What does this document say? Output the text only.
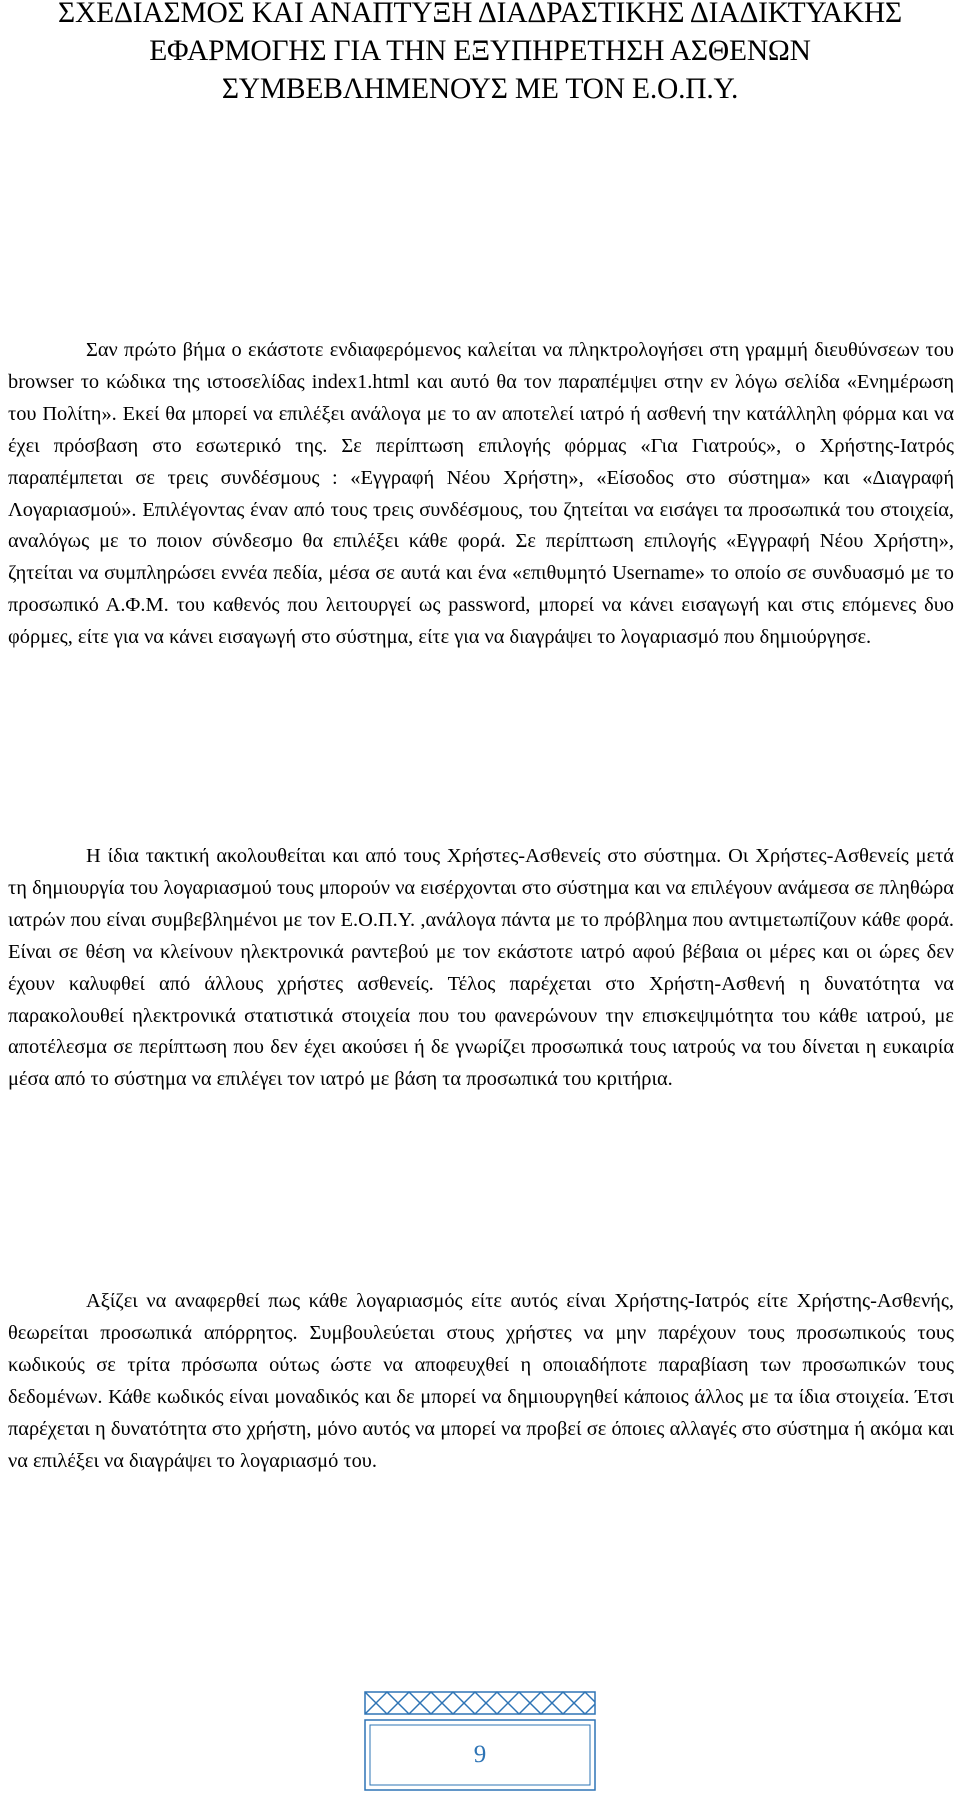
ΣΧΕΔΙΑΣΜΟΣ ΚΑΙ ΑΝΑΠΤΥΞΗ ΔΙΑΔΡΑΣΤΙΚΗΣ ΔΙΑΔΙΚΤΥΑΚΗΣ
ΕΦΑΡΜΟΓΗΣ ΓΙΑ ΤΗΝ ΕΞΥΠΗΡΕΤΗΣΗ ΑΣΘΕΝΩΝ
ΣΥΜΒΕΒΛΗΜΕΝΟΥΣ ΜΕ ΤΟΝ Ε.Ο.Π.Υ.

Σαν πρώτο βήμα ο εκάστοτε ενδιαφερόμενος καλείται να πληκτρολογήσει στη γραμμή διευθύνσεων του browser το κώδικα της ιστοσελίδας index1.html και αυτό θα τον παραπέμψει στην εν λόγω σελίδα «Ενημέρωση του Πολίτη». Εκεί θα μπορεί να επιλέξει ανάλογα με το αν αποτελεί ιατρό ή ασθενή την κατάλληλη φόρμα και να έχει πρόσβαση στο εσωτερικό της. Σε περίπτωση επιλογής φόρμας «Για Γιατρούς», ο Χρήστης-Ιατρός παραπέμπεται σε τρεις συνδέσμους : «Εγγραφή Νέου Χρήστη», «Είσοδος στο σύστημα» και «Διαγραφή Λογαριασμού». Επιλέγοντας έναν από τους τρεις συνδέσμους, του ζητείται να εισάγει τα προσωπικά του στοιχεία, αναλόγως με το ποιον σύνδεσμο θα επιλέξει κάθε φορά. Σε περίπτωση επιλογής «Εγγραφή Νέου Χρήστη», ζητείται να συμπληρώσει εννέα πεδία, μέσα σε αυτά και ένα «επιθυμητό Username» το οποίο σε συνδυασμό με το προσωπικό Α.Φ.Μ. του καθενός που λειτουργεί ως password, μπορεί να κάνει εισαγωγή και στις επόμενες δυο φόρμες, είτε για να κάνει εισαγωγή στο σύστημα, είτε για να διαγράψει το λογαριασμό που δημιούργησε.

Η ίδια τακτική ακολουθείται και από τους Χρήστες-Ασθενείς στο σύστημα. Οι Χρήστες-Ασθενείς μετά τη δημιουργία του λογαριασμού τους μπορούν να εισέρχονται στο σύστημα και να επιλέγουν ανάμεσα σε πληθώρα ιατρών που είναι συμβεβλημένοι με τον Ε.Ο.Π.Υ. ,ανάλογα πάντα με το πρόβλημα που αντιμετωπίζουν κάθε φορά. Είναι σε θέση να κλείνουν ηλεκτρονικά ραντεβού με τον εκάστοτε ιατρό αφού βέβαια οι μέρες και οι ώρες δεν έχουν καλυφθεί από άλλους χρήστες ασθενείς. Τέλος παρέχεται στο Χρήστη-Ασθενή η δυνατότητα να παρακολουθεί ηλεκτρονικά στατιστικά στοιχεία που του φανερώνουν την επισκεψιμότητα του κάθε ιατρού, με αποτέλεσμα σε περίπτωση που δεν έχει ακούσει ή δε γνωρίζει προσωπικά τους ιατρούς να του δίνεται η ευκαιρία μέσα από το σύστημα να επιλέγει τον ιατρό με βάση τα προσωπικά του κριτήρια.

Αξίζει να αναφερθεί πως κάθε λογαριασμός είτε αυτός είναι Χρήστης-Ιατρός είτε Χρήστης-Ασθενής, θεωρείται προσωπικά απόρρητος. Συμβουλεύεται στους χρήστες να μην παρέχουν τους προσωπικούς τους κωδικούς σε τρίτα πρόσωπα ούτως ώστε να αποφευχθεί η οποιαδήποτε παραβίαση των προσωπικών τους δεδομένων. Κάθε κωδικός είναι μοναδικός και δε μπορεί να δημιουργηθεί κάποιος άλλος με τα ίδια στοιχεία. Έτσι παρέχεται η δυνατότητα στο χρήστη, μόνο αυτός να μπορεί να προβεί σε όποιες αλλαγές στο σύστημα ή ακόμα και να επιλέξει να διαγράψει το λογαριασμό του.

9
